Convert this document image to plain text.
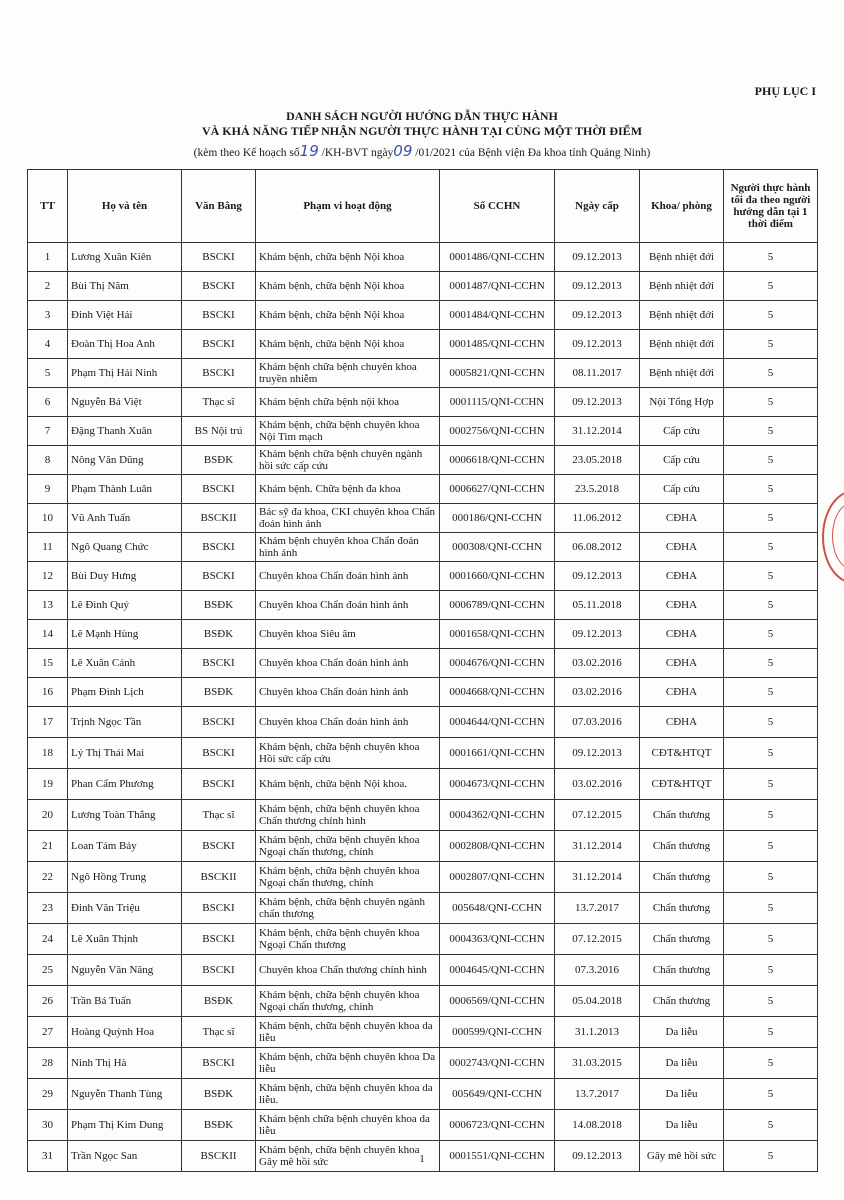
PHỤ LỤC I
DANH SÁCH NGƯỜI HƯỚNG DẪN THỰC HÀNH
VÀ KHẢ NĂNG TIẾP NHẬN NGƯỜI THỰC HÀNH TẠI CÙNG MỘT THỜI ĐIỂM
(kèm theo Kế hoạch số19 /KH-BVT ngày09 /01/2021 của Bệnh viện Đa khoa tỉnh Quảng Ninh)
TT	Họ và tên	Văn Bằng	Phạm vi hoạt động	Số CCHN	Ngày cấp	Khoa/ phòng	Người thực hành tối đa theo người hướng dẫn tại 1 thời điểm
1	Lương Xuân Kiên	BSCKI	Khám bệnh, chữa bệnh Nội khoa	0001486/QNI-CCHN	09.12.2013	Bệnh nhiệt đới	5
2	Bùi Thị Năm	BSCKI	Khám bệnh, chữa bệnh Nội khoa	0001487/QNI-CCHN	09.12.2013	Bệnh nhiệt đới	5
3	Đinh Việt Hải	BSCKI	Khám bệnh, chữa bệnh Nội khoa	0001484/QNI-CCHN	09.12.2013	Bệnh nhiệt đới	5
4	Đoàn Thị Hoa Anh	BSCKI	Khám bệnh, chữa bệnh Nội khoa	0001485/QNI-CCHN	09.12.2013	Bệnh nhiệt đới	5
5	Phạm Thị Hải Ninh	BSCKI	Khám bệnh chữa bệnh chuyên khoa truyền nhiễm	0005821/QNI-CCHN	08.11.2017	Bệnh nhiệt đới	5
6	Nguyễn Bá Việt	Thạc sĩ	Khám bệnh chữa bệnh nội khoa	0001115/QNI-CCHN	09.12.2013	Nội Tổng Hợp	5
7	Đặng Thanh Xuân	BS Nội trú	Khám bệnh, chữa bệnh chuyên khoa Nội Tim mạch	0002756/QNI-CCHN	31.12.2014	Cấp cứu	5
8	Nông Văn Dũng	BSĐK	Khám bệnh chữa bệnh chuyên ngành hồi sức cấp cứu	0006618/QNI-CCHN	23.05.2018	Cấp cứu	5
9	Phạm Thành Luân	BSCKI	Khám bệnh. Chữa bệnh đa khoa	0006627/QNI-CCHN	23.5.2018	Cấp cứu	5
10	Vũ Anh Tuấn	BSCKII	Bác sỹ đa khoa, CKI chuyên khoa Chẩn đoán hình ảnh	000186/QNI-CCHN	11.06.2012	CĐHA	5
11	Ngô Quang Chức	BSCKI	Khám bệnh chuyên khoa Chẩn đoán hình ảnh	000308/QNI-CCHN	06.08.2012	CĐHA	5
12	Bùi Duy Hưng	BSCKI	Chuyên khoa Chẩn đoán hình ảnh	0001660/QNI-CCHN	09.12.2013	CĐHA	5
13	Lê Đình Quý	BSĐK	Chuyên khoa Chẩn đoán hình ảnh	0006789/QNI-CCHN	05.11.2018	CĐHA	5
14	Lê Mạnh Hùng	BSĐK	Chuyên khoa Siêu âm	0001658/QNI-CCHN	09.12.2013	CĐHA	5
15	Lê Xuân Cảnh	BSCKI	Chuyên khoa Chẩn đoán hình ảnh	0004676/QNI-CCHN	03.02.2016	CĐHA	5
16	Phạm Đình Lịch	BSĐK	Chuyên khoa Chẩn đoán hình ảnh	0004668/QNI-CCHN	03.02.2016	CĐHA	5
17	Trịnh Ngọc Tần	BSCKI	Chuyên khoa Chẩn đoán hình ảnh	0004644/QNI-CCHN	07.03.2016	CĐHA	5
18	Lý Thị Thái Mai	BSCKI	Khám bệnh, chữa bệnh chuyên khoa Hồi sức cấp cứu	0001661/QNI-CCHN	09.12.2013	CĐT&HTQT	5
19	Phan Cẩm Phương	BSCKI	Khám bệnh, chữa bệnh Nội khoa.	0004673/QNI-CCHN	03.02.2016	CĐT&HTQT	5
20	Lương Toàn Thắng	Thạc sĩ	Khám bệnh, chữa bệnh chuyên khoa Chấn thương chỉnh hình	0004362/QNI-CCHN	07.12.2015	Chấn thương	5
21	Loan Tám Bảy	BSCKI	Khám bệnh, chữa bệnh chuyên khoa Ngoại chấn thương, chỉnh	0002808/QNI-CCHN	31.12.2014	Chấn thương	5
22	Ngô Hồng Trung	BSCKII	Khám bệnh, chữa bệnh chuyên khoa Ngoại chấn thương, chỉnh	0002807/QNI-CCHN	31.12.2014	Chấn thương	5
23	Đinh Văn Triệu	BSCKI	Khám bệnh, chữa bệnh chuyên ngành chấn thương	005648/QNI-CCHN	13.7.2017	Chấn thương	5
24	Lê Xuân Thịnh	BSCKI	Khám bệnh, chữa bệnh chuyên khoa Ngoại Chấn thương	0004363/QNI-CCHN	07.12.2015	Chấn thương	5
25	Nguyễn Văn Năng	BSCKI	Chuyên khoa Chấn thương chỉnh hình	0004645/QNI-CCHN	07.3.2016	Chấn thương	5
26	Trần Bá Tuấn	BSĐK	Khám bệnh, chữa bệnh chuyên khoa Ngoại chấn thương, chỉnh	0006569/QNI-CCHN	05.04.2018	Chấn thương	5
27	Hoàng Quỳnh Hoa	Thạc sĩ	Khám bệnh, chữa bệnh chuyên khoa da liễu	000599/QNI-CCHN	31.1.2013	Da liễu	5
28	Ninh Thị Hà	BSCKI	Khám bệnh, chữa bệnh chuyên khoa Da liễu	0002743/QNI-CCHN	31.03.2015	Da liễu	5
29	Nguyễn Thanh Tùng	BSĐK	Khám bệnh, chữa bệnh chuyên khoa da liễu.	005649/QNI-CCHN	13.7.2017	Da liễu	5
30	Phạm Thị Kim Dung	BSĐK	Khám bệnh chữa bệnh chuyên khoa da liễu	0006723/QNI-CCHN	14.08.2018	Da liễu	5
31	Trần Ngọc San	BSCKII	Khám bệnh, chữa bệnh chuyên khoa Gây mê hồi sức	0001551/QNI-CCHN	09.12.2013	Gây mê hồi sức	5
1
